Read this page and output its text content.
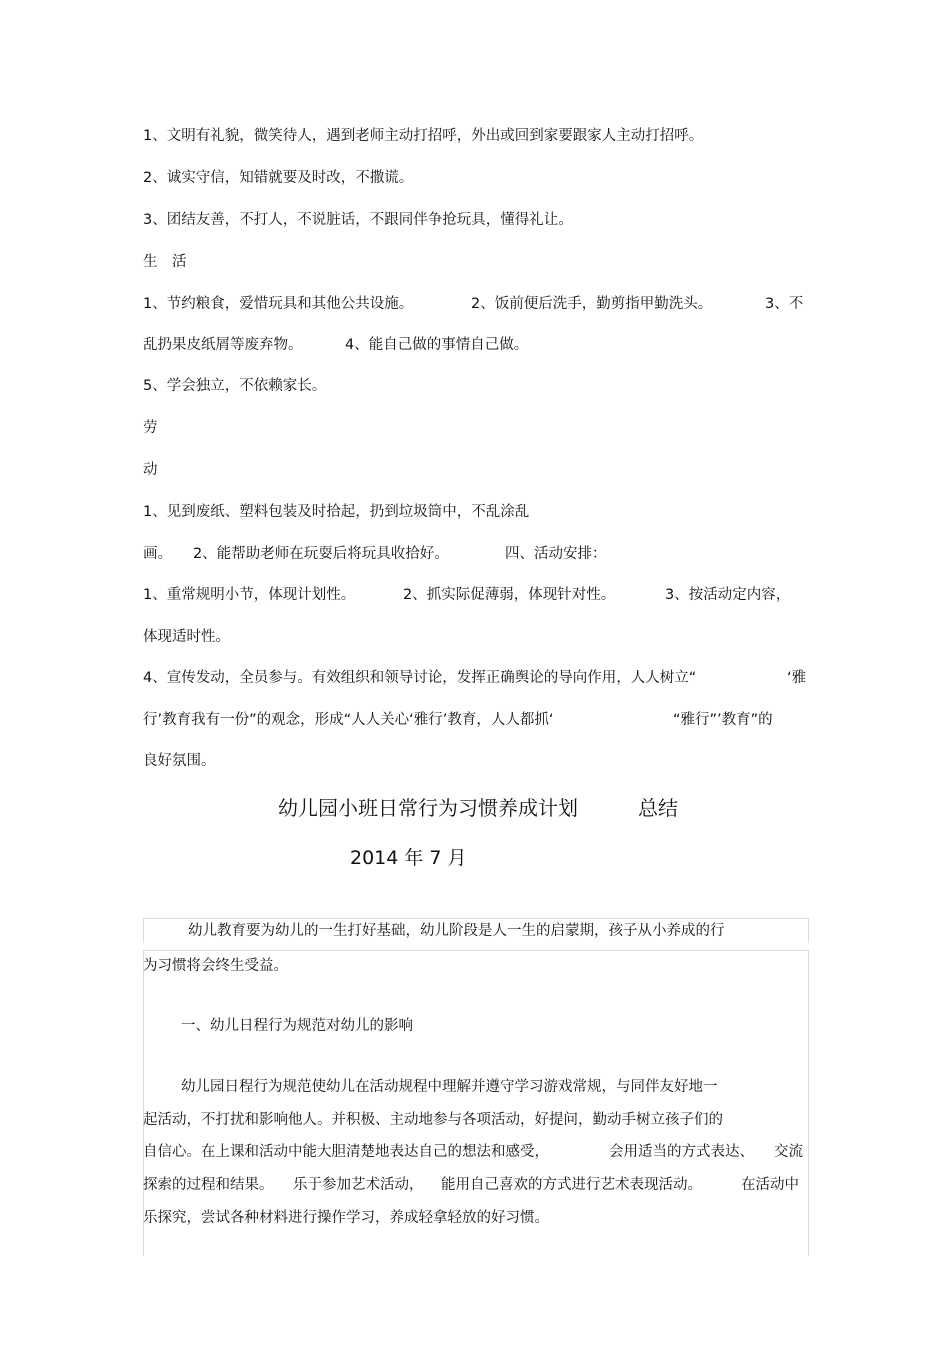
1、文明有礼貌，微笑待人，遇到老师主动打招呼，外出或回到家要跟家人主动打招呼。
2、诚实守信，知错就要及时改，不撒谎。
3、团结友善，不打人，不说脏话，不跟同伴争抢玩具，懂得礼让。
生　活
1、节约粮食，爱惜玩具和其他公共设施。	2、饭前便后洗手，勤剪指甲勤洗头。	3、不
乱扔果皮纸屑等废弃物。	4、能自己做的事情自己做。
5、学会独立，不依赖家长。
劳
动
1、见到废纸、塑料包装及时拾起，扔到垃圾筒中，不乱涂乱
画。 2、能帮助老师在玩耍后将玩具收拾好。	四、活动安排：
1、重常规明小节，体现计划性。	2、抓实际促薄弱，体现针对性。	3、按活动定内容，
体现适时性。
4、宣传发动，全员参与。有效组织和领导讨论，发挥正确舆论的导向作用，人人树立“	‘雅
行’教育我有一份”的观念，形成“人人关心‘雅行’教育，人人都抓‘	“雅行”’教育”的
良好氛围。
幼儿园小班日常行为习惯养成计划	总结
2014 年 7 月
幼儿教育要为幼儿的一生打好基础，幼儿阶段是人一生的启蒙期，孩子从小养成的行
为习惯将会终生受益。
一、幼儿日程行为规范对幼儿的影响
幼儿园日程行为规范使幼儿在活动规程中理解并遵守学习游戏常规，与同伴友好地一
起活动，不打扰和影响他人。并积极、主动地参与各项活动，好提问，勤动手树立孩子们的
自信心。在上课和活动中能大胆清楚地表达自己的想法和感受，	会用适当的方式表达、 交流
探索的过程和结果。 乐于参加艺术活动， 能用自己喜欢的方式进行艺术表现活动。	在活动中
乐探究，尝试各种材料进行操作学习，养成轻拿轻放的好习惯。
